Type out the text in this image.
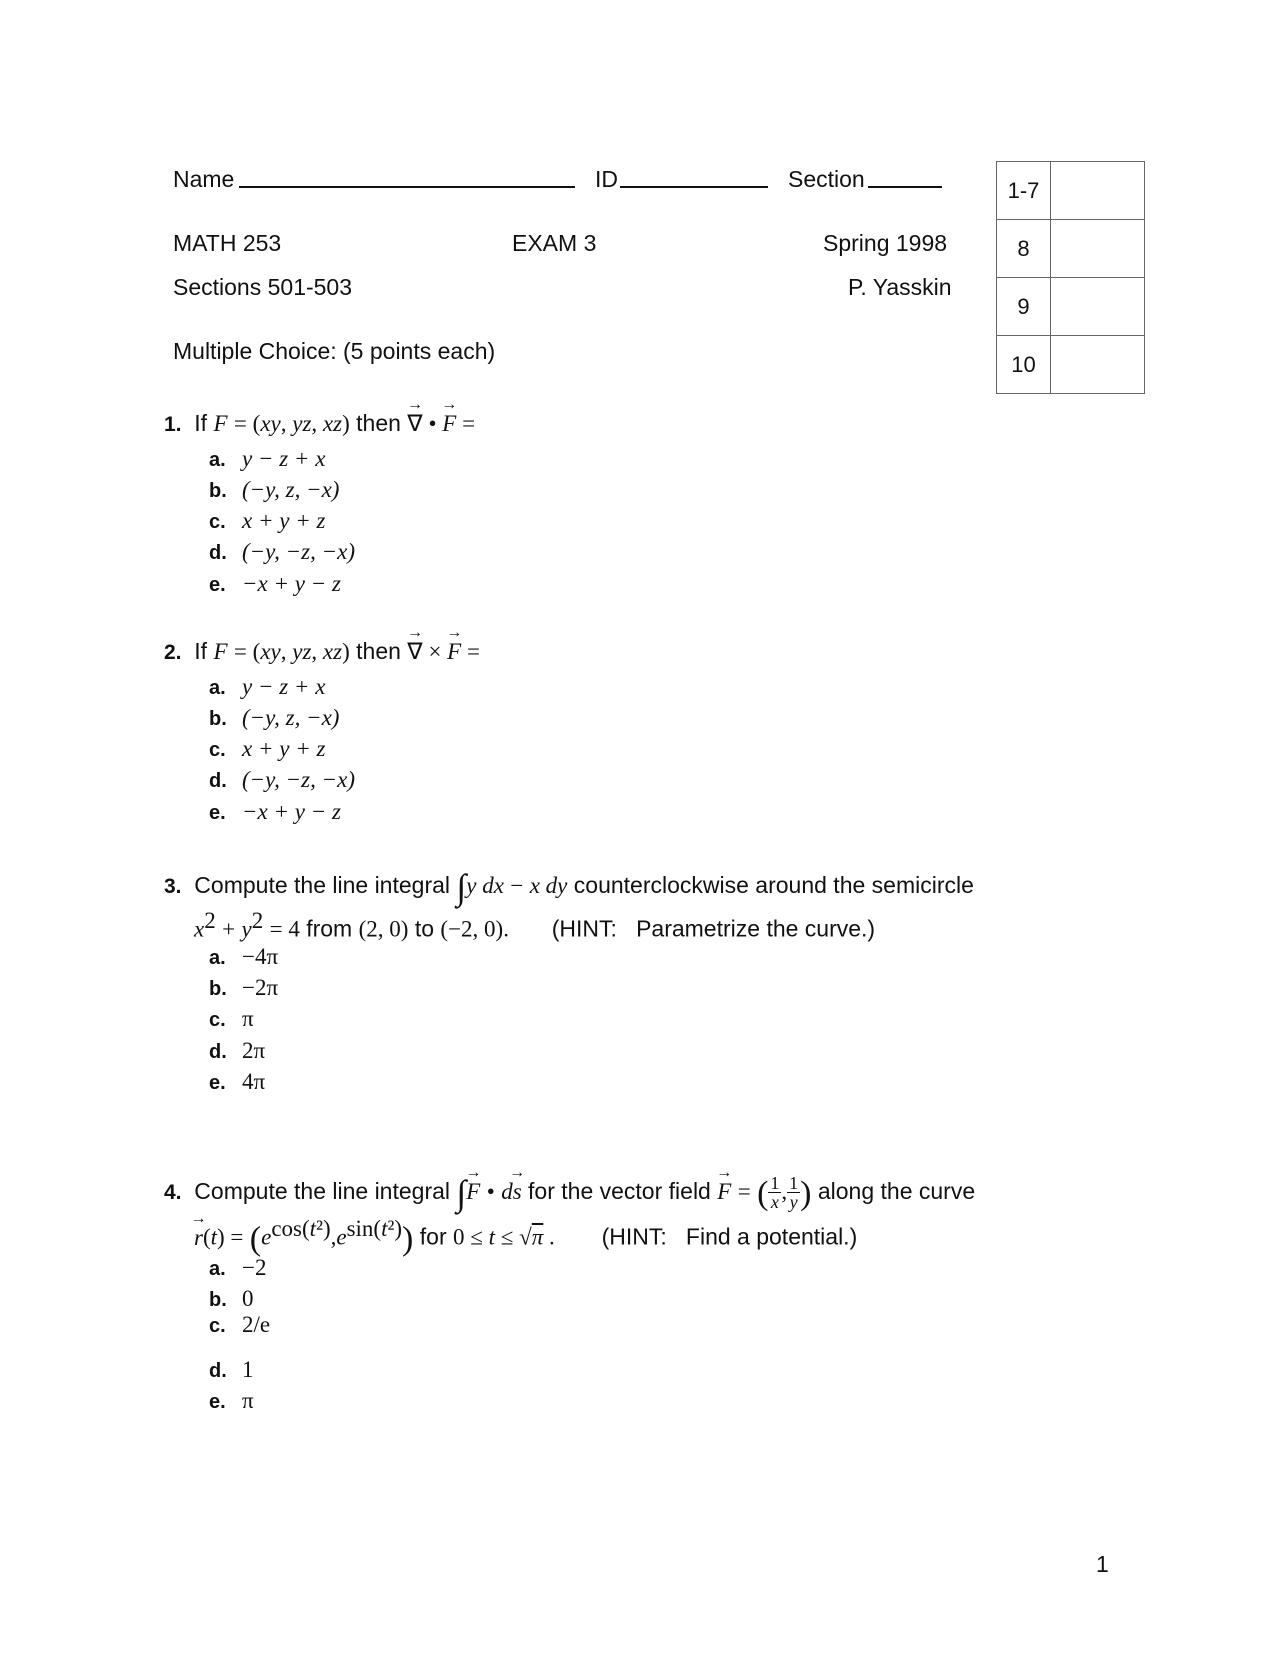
Name	ID	Section
MATH 253	EXAM 3	Spring 1998
Sections 501-503	P. Yasskin
Multiple Choice: (5 points each)
1-7	
8	
9	
10	
1. If F = (xy, yz, xz) then → ∇ • → F =
a. y − z + x
b. (−y, z, −x)
c. x + y + z
d. (−y, −z, −x)
e. −x + y − z
2. If F = (xy, yz, xz) then → ∇ × → F =
a. y − z + x
b. (−y, z, −x)
c. x + y + z
d. (−y, −z, −x)
e. −x + y − z
3. Compute the line integral ∫y dx − x dy counterclockwise around the semicircle
$x^2 + y^2 = 4$ from (2, 0) to (−2, 0). (HINT:   Parametrize the curve.)
a. −4π
b. −2π
c. π
d. 2π
e. 4π
4. Compute the line integral ∫→ F • d→ s for the vector field → F = ( $\frac{1}{x}$ , $\frac{1}{y}$ ) along the curve
→ $r(t) = (e^{cos(t^2)},e^{sin(t^2)})$ for 0 ≤ t ≤ √π . (HINT:   Find a potential.)
a. −2
b. 0
c. 2/e
d. 1
e. π
1
